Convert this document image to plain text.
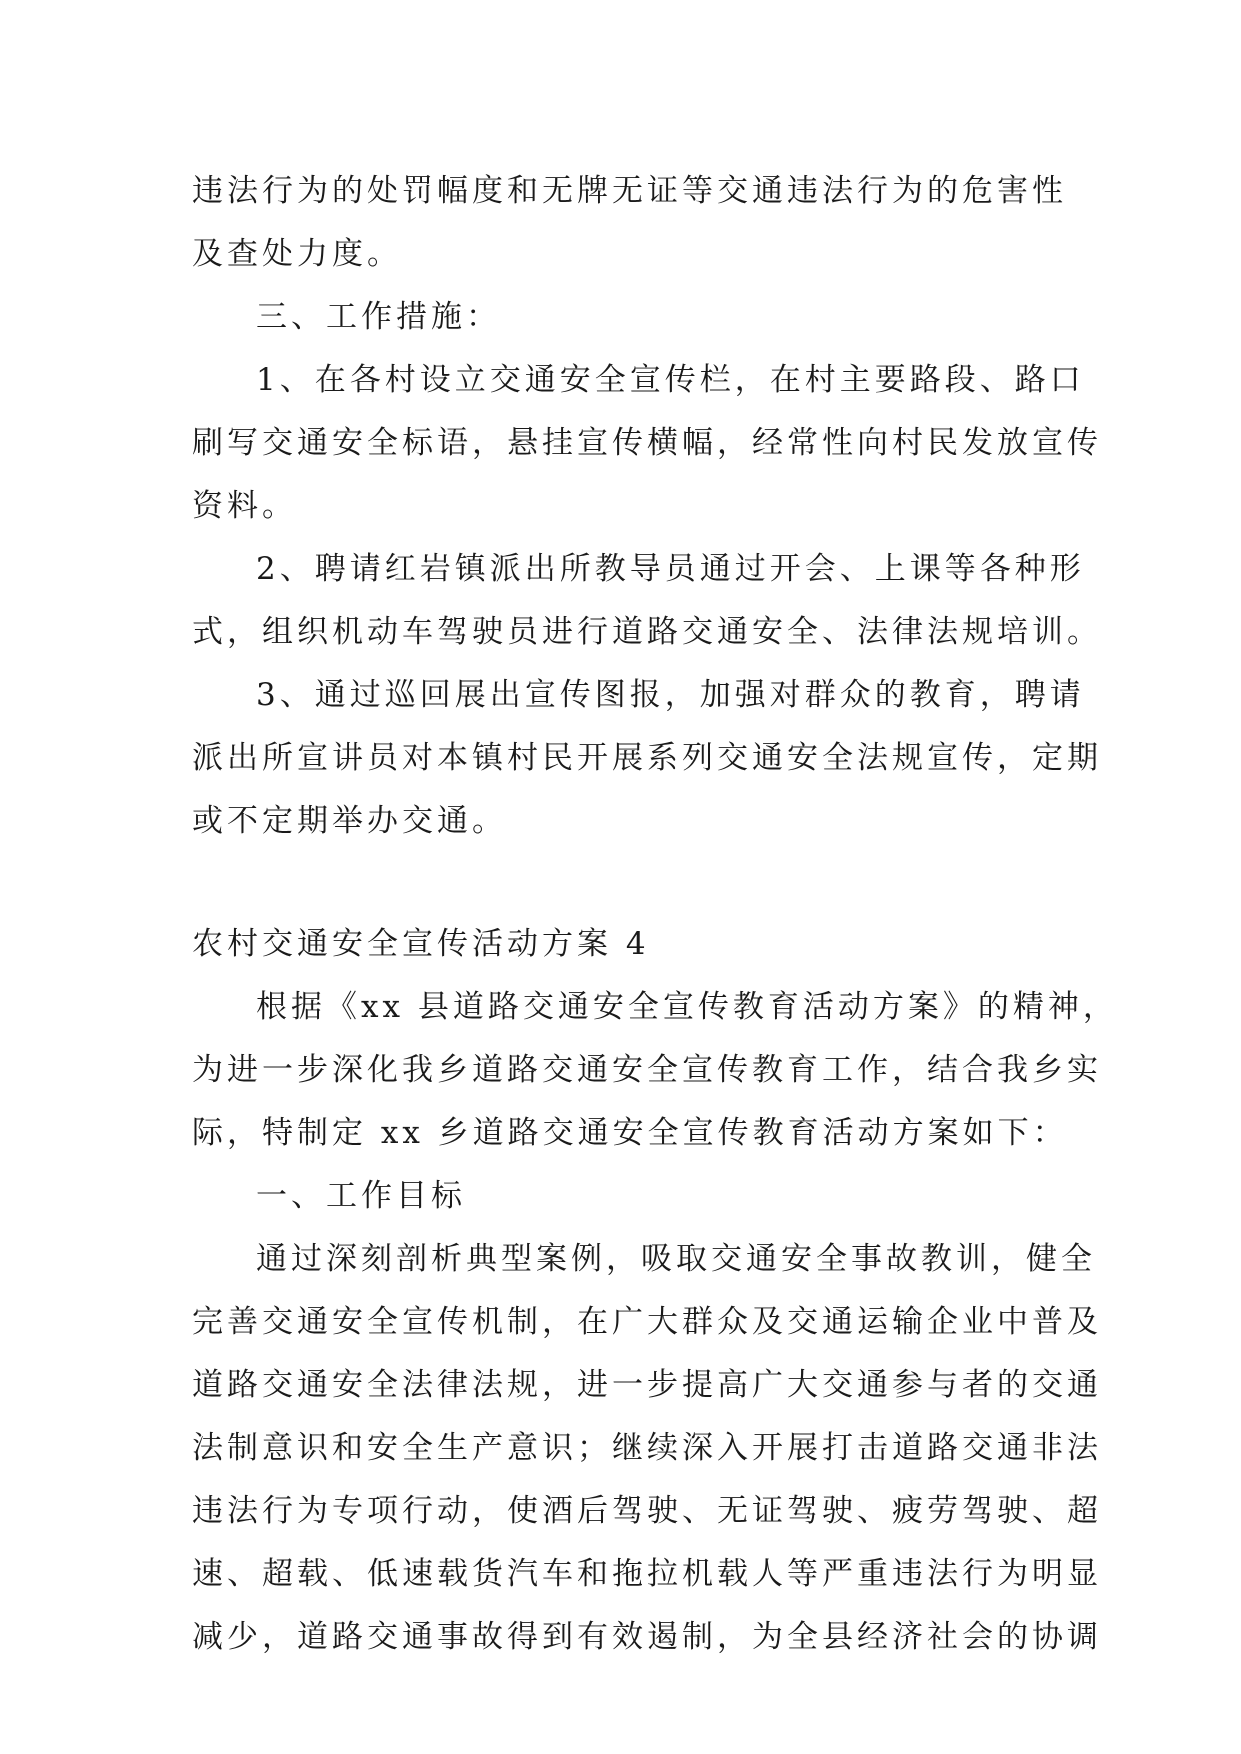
违法行为的处罚幅度和无牌无证等交通违法行为的危害性
及查处力度。
三、工作措施：
1、在各村设立交通安全宣传栏，在村主要路段、路口
刷写交通安全标语，悬挂宣传横幅，经常性向村民发放宣传
资料。
2、聘请红岩镇派出所教导员通过开会、上课等各种形
式，组织机动车驾驶员进行道路交通安全、法律法规培训。
3、通过巡回展出宣传图报，加强对群众的教育，聘请
派出所宣讲员对本镇村民开展系列交通安全法规宣传，定期
或不定期举办交通。
农村交通安全宣传活动方案 4
根据《xx 县道路交通安全宣传教育活动方案》的精神，
为进一步深化我乡道路交通安全宣传教育工作，结合我乡实
际，特制定 xx 乡道路交通安全宣传教育活动方案如下：
一、工作目标
通过深刻剖析典型案例，吸取交通安全事故教训，健全
完善交通安全宣传机制，在广大群众及交通运输企业中普及
道路交通安全法律法规，进一步提高广大交通参与者的交通
法制意识和安全生产意识；继续深入开展打击道路交通非法
违法行为专项行动，使酒后驾驶、无证驾驶、疲劳驾驶、超
速、超载、低速载货汽车和拖拉机载人等严重违法行为明显
减少，道路交通事故得到有效遏制，为全县经济社会的协调
